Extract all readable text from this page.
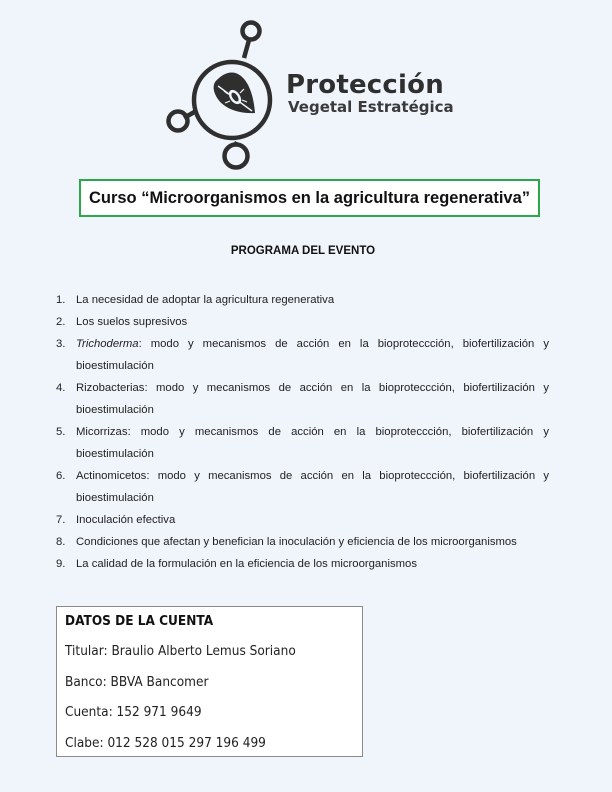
Protección
Vegetal Estratégica
Curso “Microorganismos en la agricultura regenerativa”
PROGRAMA DEL EVENTO
1. La necesidad de adoptar la agricultura regenerativa
2. Los suelos supresivos
3. Trichoderma: modo y mecanismos de acción en la bioproteccción, biofertilización y bioestimulación
4. Rizobacterias: modo y mecanismos de acción en la bioproteccción, biofertilización y bioestimulación
5. Micorrizas: modo y mecanismos de acción en la bioproteccción, biofertilización y bioestimulación
6. Actinomicetos: modo y mecanismos de acción en la bioproteccción, biofertilización y bioestimulación
7. Inoculación efectiva
8. Condiciones que afectan y benefician la inoculación y eficiencia de los microorganismos
9. La calidad de la formulación en la eficiencia de los microorganismos
DATOS DE LA CUENTA
Titular: Braulio Alberto Lemus Soriano
Banco: BBVA Bancomer
Cuenta: 152 971 9649
Clabe: 012 528 015 297 196 499
